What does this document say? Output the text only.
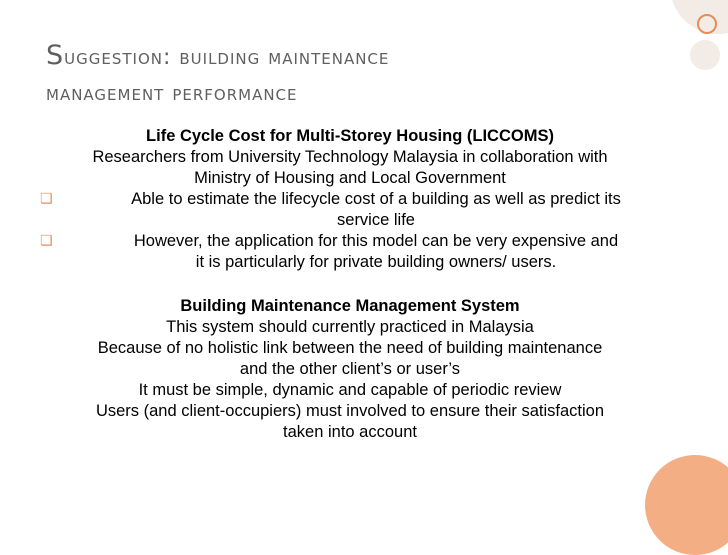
Suggestion: building maintenance
management performance

Life Cycle Cost for Multi-Storey Housing (LICCOMS)

Researchers from University Technology Malaysia in collaboration with
Ministry of Housing and Local Government

❑	Able to estimate the lifecycle cost of a building as well as predict its
service life
❑	However, the application for this model can be very expensive and
it is particularly for private building owners/ users.

Building Maintenance Management System

This system should currently practiced in Malaysia

Because of no holistic link between the need of building maintenance
and the other client’s or user’s

It must be simple, dynamic and capable of periodic review

Users (and client-occupiers) must involved to ensure their satisfaction
taken into account
